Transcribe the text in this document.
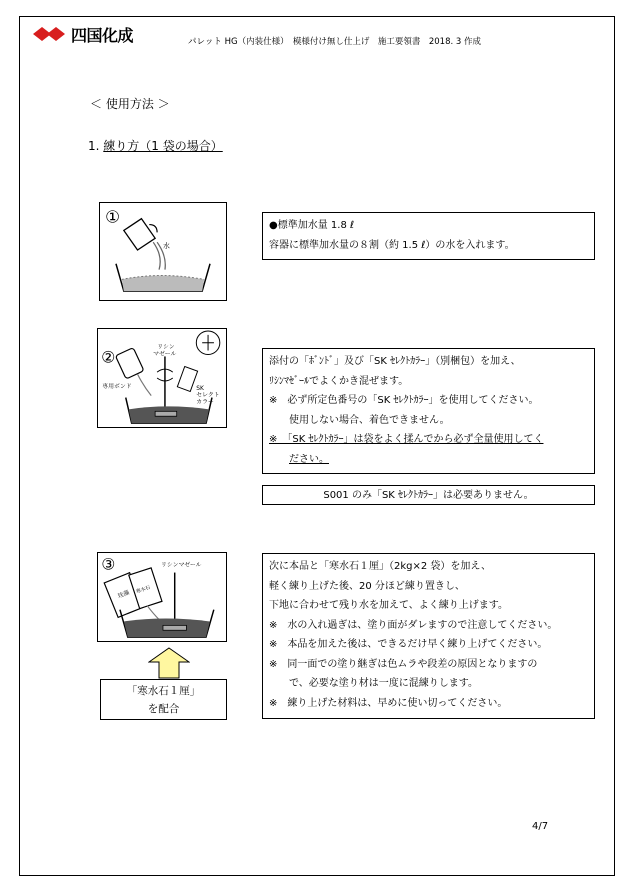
四国化成	パレット HG（内装仕様）　模様付け無し仕上げ　施工要領書　2018. 3 作成
＜ 使用方法 ＞
1. 練り方（1 袋の場合）
①
水

●標準加水量 1.8 ℓ

容器に標準加水量の８割（約 1.5 ℓ）の水を入れます。

②	リシン
マゼール
専用ボンド	SK
セレクト
カラー

添付の「ﾎﾞﾝﾄﾞ」及び「SK ｾﾚｸﾄｶﾗｰ」（別梱包）を加え、

ﾘｼﾝﾏｾﾞｰﾙでよくかき混ぜます。

※　必ず所定色番号の「SK ｾﾚｸﾄｶﾗｰ」を使用してください。

使用しない場合、着色できません。

※　「SK ｾﾚｸﾄｶﾗｰ」は袋をよく揉んでから必ず全量使用してく

ださい。

S001 のみ「SK ｾﾚｸﾄｶﾗｰ」は必要ありません。
③	リシンマゼール
珪藻
寒水石
「寒水石１厘」
を配合

次に本品と「寒水石１厘」（2kg×2 袋）を加え、

軽く練り上げた後、20 分ほど練り置きし、

下地に合わせて残り水を加えて、よく練り上げます。

※　水の入れ過ぎは、塗り面がダレますので注意してください。

※　本品を加えた後は、できるだけ早く練り上げてください。

※　同一面での塗り継ぎは色ムラや段差の原因となりますの

で、必要な塗り材は一度に混練りします。

※　練り上げた材料は、早めに使い切ってください。

4/7
